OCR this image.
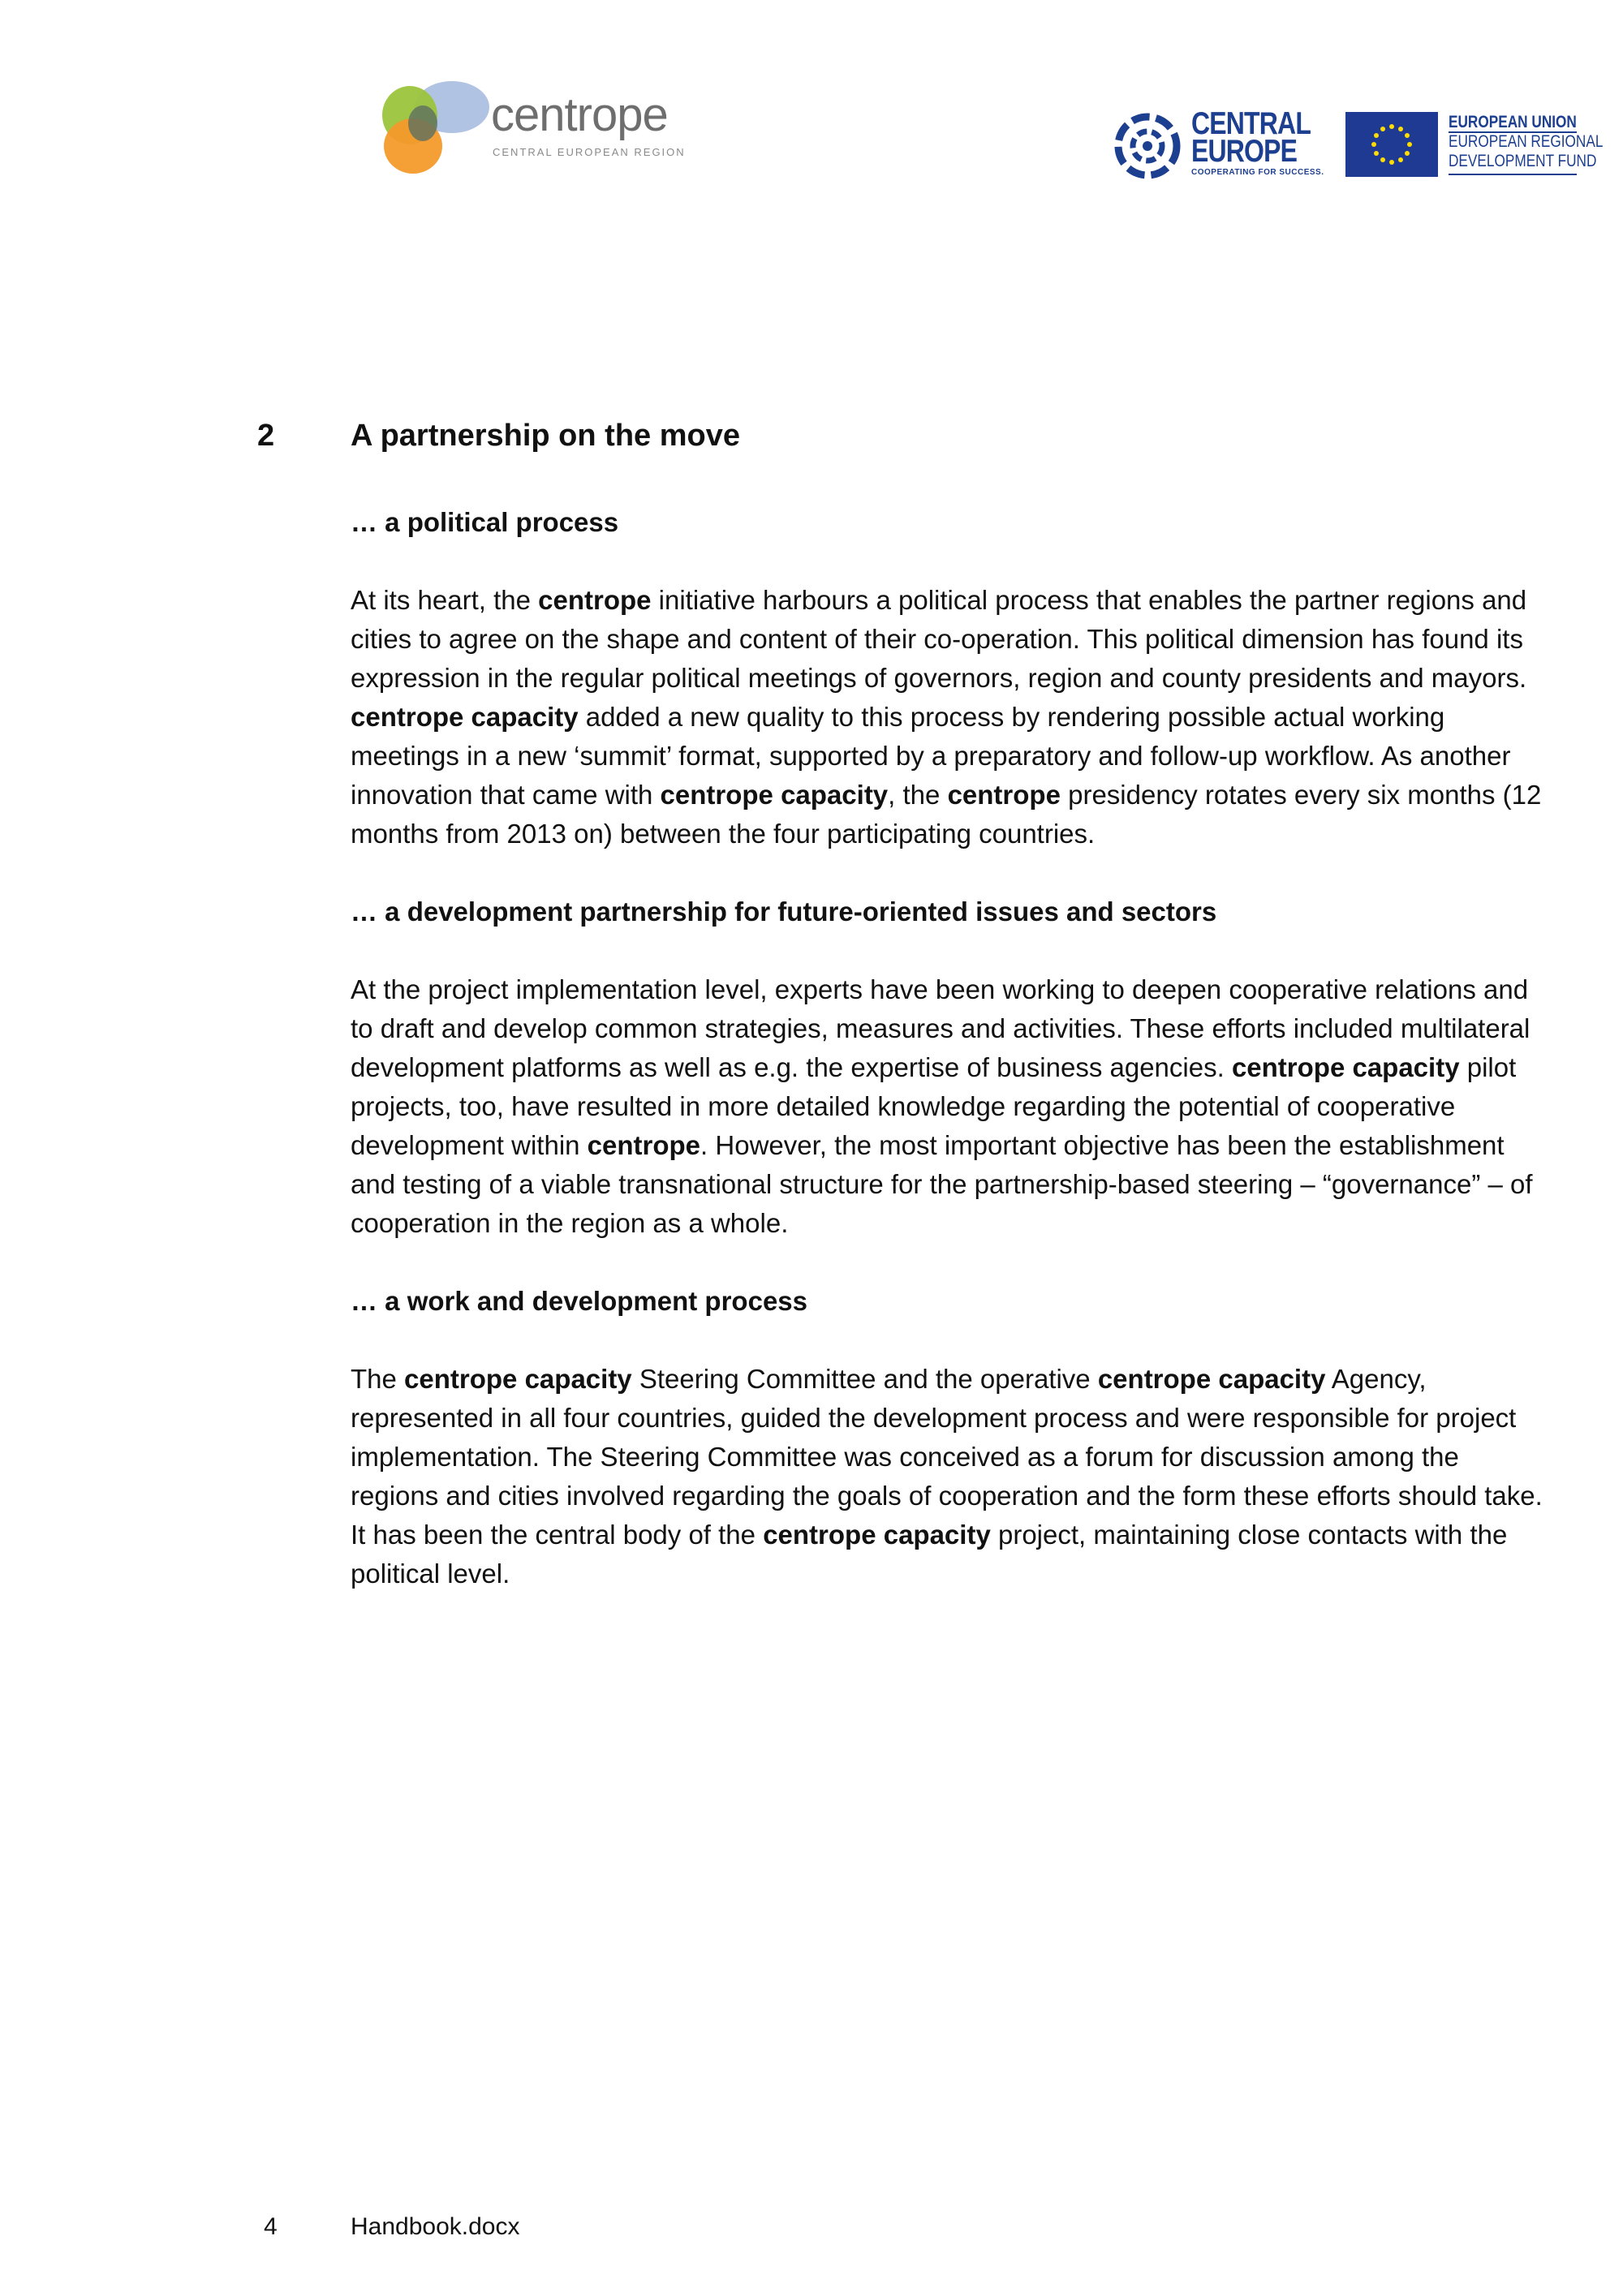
centrope
CENTRAL EUROPEAN REGION
CENTRAL
EUROPE
COOPERATING FOR SUCCESS.
EUROPEAN UNION
EUROPEAN REGIONAL
DEVELOPMENT FUND
2 A partnership on the move
… a political process

At its heart, the centrope initiative harbours a political process that enables the partner regions and cities to agree on the shape and content of their co-operation. This political dimension has found its expression in the regular political meetings of governors, region and county presidents and mayors. centrope capacity added a new quality to this process by rendering possible actual working meetings in a new ‘summit’ format, supported by a preparatory and follow-up workflow. As another innovation that came with centrope capacity, the centrope presidency rotates every six months (12 months from 2013 on) between the four participating countries.

… a development partnership for future-oriented issues and sectors

At the project implementation level, experts have been working to deepen cooperative relations and to draft and develop common strategies, measures and activities. These efforts included multilateral development platforms as well as e.g. the expertise of business agencies. centrope capacity pilot projects, too, have resulted in more detailed knowledge regarding the potential of cooperative development within centrope. However, the most important objective has been the establishment and testing of a viable transnational structure for the partnership-based steering – “governance” – of cooperation in the region as a whole.

… a work and development process

The centrope capacity Steering Committee and the operative centrope capacity Agency, represented in all four countries, guided the development process and were responsible for project implementation. The Steering Committee was conceived as a forum for discussion among the regions and cities involved regarding the goals of cooperation and the form these efforts should take. It has been the central body of the centrope capacity project, maintaining close contacts with the political level.

4	Handbook.docx
